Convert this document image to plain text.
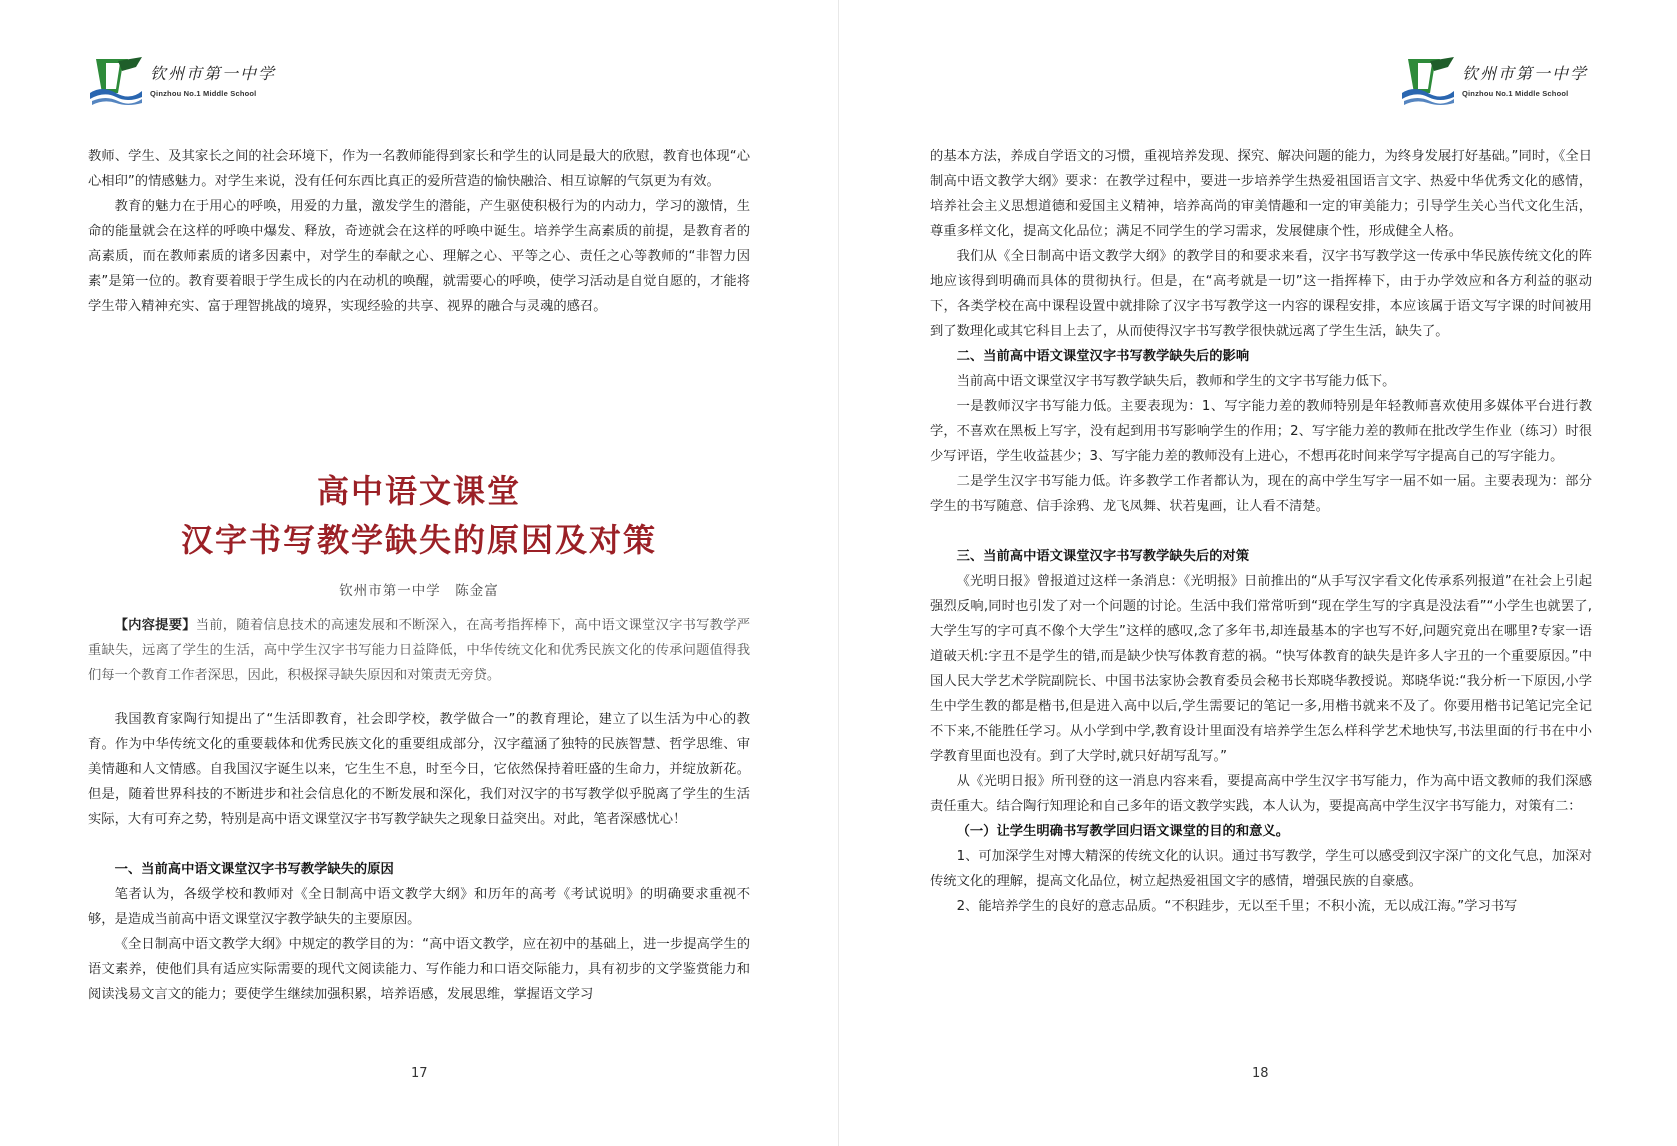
钦州市第一中学
Qinzhou No.1 Middle School

教师、学生、及其家长之间的社会环境下，作为一名教师能得到家长和学生的认同是最大的欣慰，教育也体现“心心相印”的情感魅力。对学生来说，没有任何东西比真正的爱所营造的愉快融洽、相互谅解的气氛更为有效。

教育的魅力在于用心的呼唤，用爱的力量，激发学生的潜能，产生驱使积极行为的内动力，学习的激情，生命的能量就会在这样的呼唤中爆发、释放，奇迹就会在这样的呼唤中诞生。培养学生高素质的前提，是教育者的高素质，而在教师素质的诸多因素中，对学生的奉献之心、理解之心、平等之心、责任之心等教师的“非智力因素”是第一位的。教育要着眼于学生成长的内在动机的唤醒，就需要心的呼唤，使学习活动是自觉自愿的，才能将学生带入精神充实、富于理智挑战的境界，实现经验的共享、视界的融合与灵魂的感召。

高中语文课堂
汉字书写教学缺失的原因及对策
钦州市第一中学　陈金富

【内容提要】当前，随着信息技术的高速发展和不断深入，在高考指挥棒下，高中语文课堂汉字书写教学严重缺失，远离了学生的生活，高中学生汉字书写能力日益降低，中华传统文化和优秀民族文化的传承问题值得我们每一个教育工作者深思，因此，积极探寻缺失原因和对策责无旁贷。

我国教育家陶行知提出了“生活即教育，社会即学校，教学做合一”的教育理论，建立了以生活为中心的教育。作为中华传统文化的重要载体和优秀民族文化的重要组成部分，汉字蕴涵了独特的民族智慧、哲学思维、审美情趣和人文情感。自我国汉字诞生以来，它生生不息，时至今日，它依然保持着旺盛的生命力，并绽放新花。但是，随着世界科技的不断进步和社会信息化的不断发展和深化，我们对汉字的书写教学似乎脱离了学生的生活实际，大有可弃之势，特别是高中语文课堂汉字书写教学缺失之现象日益突出。对此，笔者深感忧心！

一、当前高中语文课堂汉字书写教学缺失的原因

笔者认为，各级学校和教师对《全日制高中语文教学大纲》和历年的高考《考试说明》的明确要求重视不够，是造成当前高中语文课堂汉字教学缺失的主要原因。

《全日制高中语文教学大纲》中规定的教学目的为：“高中语文教学，应在初中的基础上，进一步提高学生的语文素养，使他们具有适应实际需要的现代文阅读能力、写作能力和口语交际能力，具有初步的文学鉴赏能力和阅读浅易文言文的能力；要使学生继续加强积累，培养语感，发展思维，掌握语文学习

17
钦州市第一中学
Qinzhou No.1 Middle School

的基本方法，养成自学语文的习惯，重视培养发现、探究、解决问题的能力，为终身发展打好基础。”同时，《全日制高中语文教学大纲》要求：在教学过程中，要进一步培养学生热爱祖国语言文字、热爱中华优秀文化的感情，培养社会主义思想道德和爱国主义精神，培养高尚的审美情趣和一定的审美能力；引导学生关心当代文化生活，尊重多样文化，提高文化品位；满足不同学生的学习需求，发展健康个性，形成健全人格。

我们从《全日制高中语文教学大纲》的教学目的和要求来看，汉字书写教学这一传承中华民族传统文化的阵地应该得到明确而具体的贯彻执行。但是，在“高考就是一切”这一指挥棒下，由于办学效应和各方利益的驱动下，各类学校在高中课程设置中就排除了汉字书写教学这一内容的课程安排，本应该属于语文写字课的时间被用到了数理化或其它科目上去了，从而使得汉字书写教学很快就远离了学生生活，缺失了。

二、当前高中语文课堂汉字书写教学缺失后的影响

当前高中语文课堂汉字书写教学缺失后，教师和学生的文字书写能力低下。

一是教师汉字书写能力低。主要表现为：1、写字能力差的教师特别是年轻教师喜欢使用多媒体平台进行教学，不喜欢在黑板上写字，没有起到用书写影响学生的作用；2、写字能力差的教师在批改学生作业（练习）时很少写评语，学生收益甚少；3、写字能力差的教师没有上进心，不想再花时间来学写字提高自己的写字能力。

二是学生汉字书写能力低。许多教学工作者都认为，现在的高中学生写字一届不如一届。主要表现为：部分学生的书写随意、信手涂鸦、龙飞凤舞、状若鬼画，让人看不清楚。

三、当前高中语文课堂汉字书写教学缺失后的对策

《光明日报》曾报道过这样一条消息：《光明报》日前推出的“从手写汉字看文化传承系列报道”在社会上引起强烈反响,同时也引发了对一个问题的讨论。生活中我们常常听到“现在学生写的字真是没法看”“小学生也就罢了,大学生写的字可真不像个大学生”这样的感叹,念了多年书,却连最基本的字也写不好,问题究竟出在哪里?专家一语道破天机:字丑不是学生的错,而是缺少快写体教育惹的祸。“快写体教育的缺失是许多人字丑的一个重要原因。”中国人民大学艺术学院副院长、中国书法家协会教育委员会秘书长郑晓华教授说。郑晓华说:“我分析一下原因,小学生中学生教的都是楷书,但是进入高中以后,学生需要记的笔记一多,用楷书就来不及了。你要用楷书记笔记完全记不下来,不能胜任学习。从小学到中学,教育设计里面没有培养学生怎么样科学艺术地快写,书法里面的行书在中小学教育里面也没有。到了大学时,就只好胡写乱写。”

从《光明日报》所刊登的这一消息内容来看，要提高高中学生汉字书写能力，作为高中语文教师的我们深感责任重大。结合陶行知理论和自己多年的语文教学实践，本人认为，要提高高中学生汉字书写能力，对策有二：

（一）让学生明确书写教学回归语文课堂的目的和意义。

1、可加深学生对博大精深的传统文化的认识。通过书写教学，学生可以感受到汉字深广的文化气息，加深对传统文化的理解，提高文化品位，树立起热爱祖国文字的感情，增强民族的自豪感。

2、能培养学生的良好的意志品质。“不积跬步，无以至千里；不积小流，无以成江海。”学习书写

18
